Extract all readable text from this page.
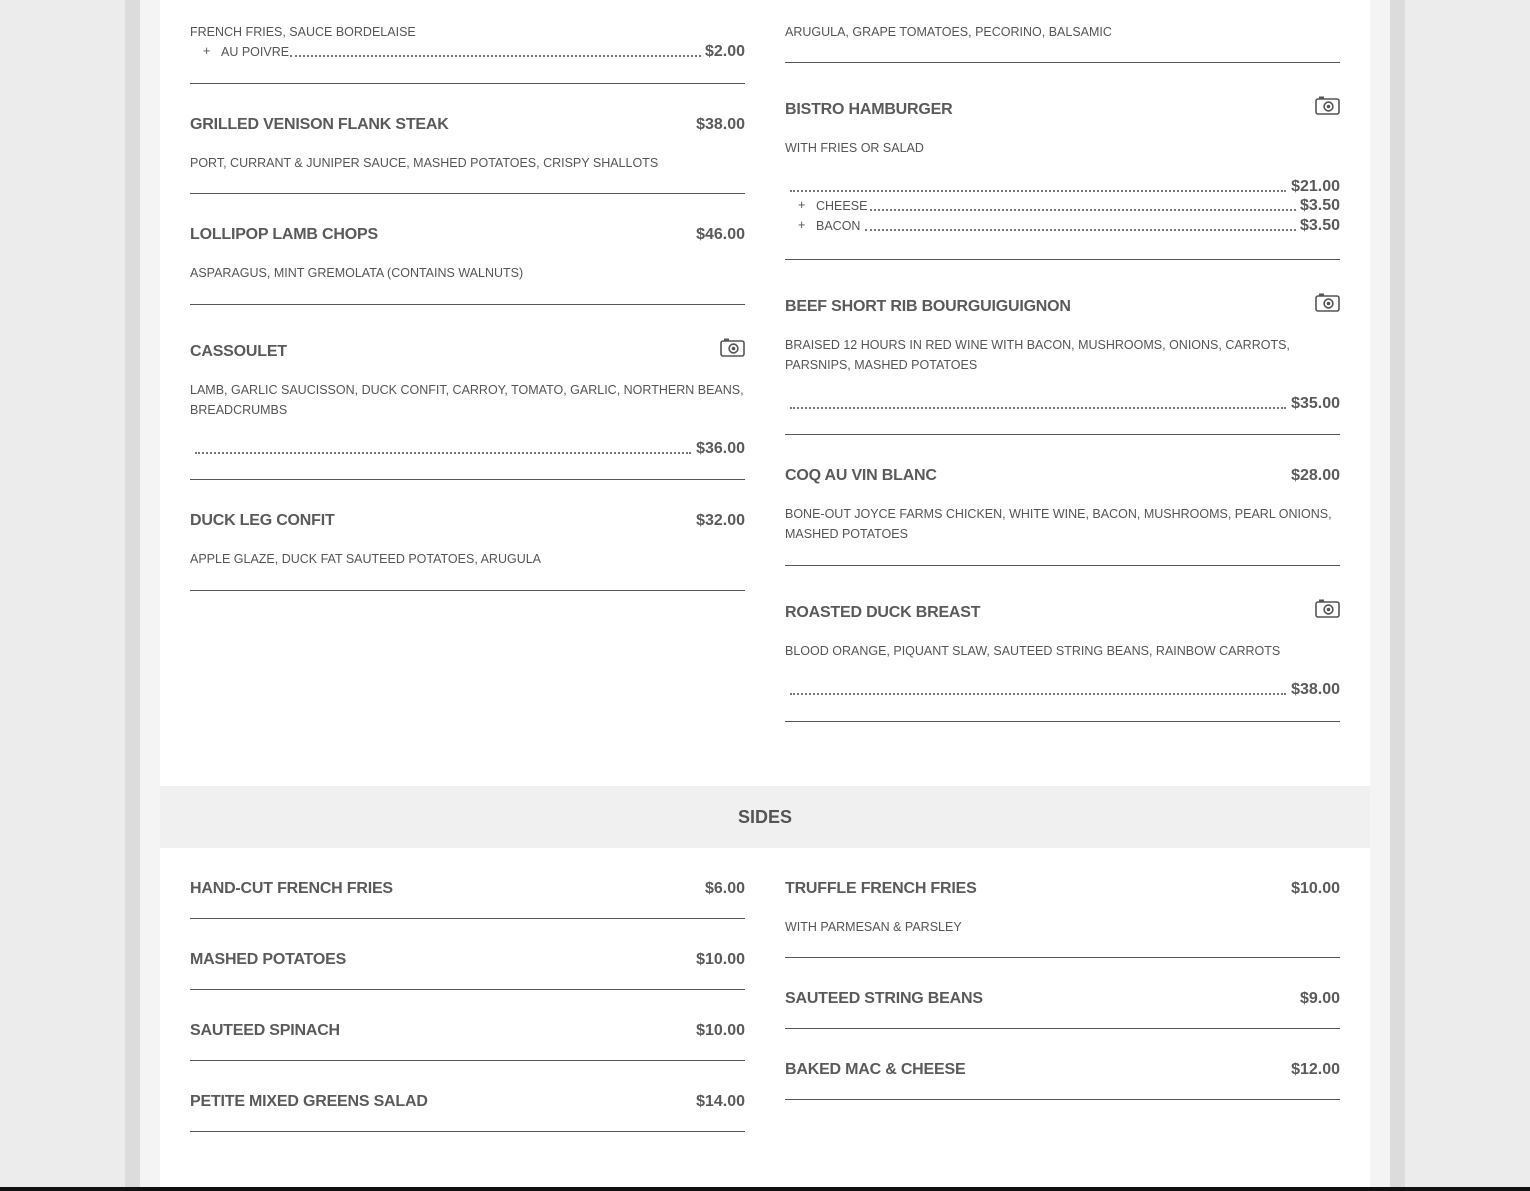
FRENCH FRIES, SAUCE BORDELAISE
+ AU POIVRE	$2.00
GRILLED VENISON FLANK STEAK	$38.00
PORT, CURRANT & JUNIPER SAUCE, MASHED POTATOES, CRISPY SHALLOTS
LOLLIPOP LAMB CHOPS	$46.00
ASPARAGUS, MINT GREMOLATA (CONTAINS WALNUTS)
CASSOULET
LAMB, GARLIC SAUCISSON, DUCK CONFIT, CARROY, TOMATO, GARLIC, NORTHERN BEANS, BREADCRUMBS
$36.00
DUCK LEG CONFIT	$32.00
APPLE GLAZE, DUCK FAT SAUTEED POTATOES, ARUGULA
ARUGULA, GRAPE TOMATOES, PECORINO, BALSAMIC
BISTRO HAMBURGER
WITH FRIES OR SALAD
$21.00
+ CHEESE	$3.50
+ BACON	$3.50
BEEF SHORT RIB BOURGUIGUIGNON
BRAISED 12 HOURS IN RED WINE WITH BACON, MUSHROOMS, ONIONS, CARROTS, PARSNIPS, MASHED POTATOES
$35.00
COQ AU VIN BLANC	$28.00
BONE-OUT JOYCE FARMS CHICKEN, WHITE WINE, BACON, MUSHROOMS, PEARL ONIONS, MASHED POTATOES
ROASTED DUCK BREAST
BLOOD ORANGE, PIQUANT SLAW, SAUTEED STRING BEANS, RAINBOW CARROTS
$38.00
SIDES
HAND-CUT FRENCH FRIES	$6.00
MASHED POTATOES	$10.00
SAUTEED SPINACH	$10.00
PETITE MIXED GREENS SALAD	$14.00
TRUFFLE FRENCH FRIES	$10.00
WITH PARMESAN & PARSLEY
SAUTEED STRING BEANS	$9.00
BAKED MAC & CHEESE	$12.00
